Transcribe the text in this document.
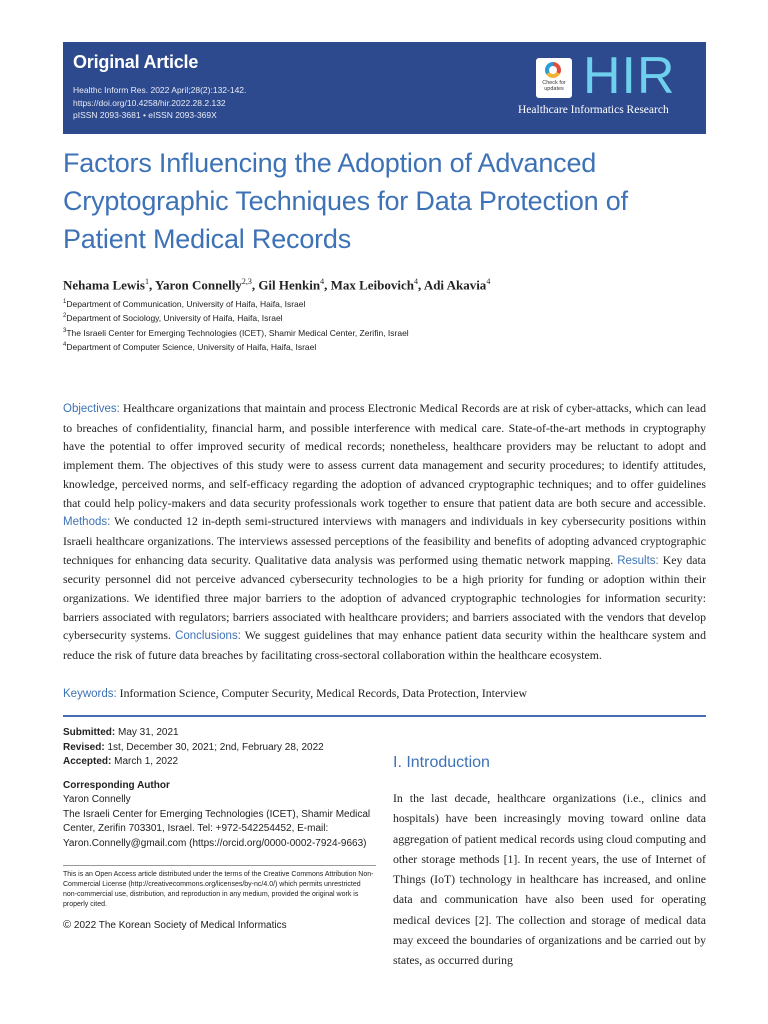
Original Article
Healthc Inform Res. 2022 April;28(2):132-142.
https://doi.org/10.4258/hir.2022.28.2.132
pISSN 2093-3681 • eISSN 2093-369X
Check for updates HIR
Healthcare Informatics Research
Factors Influencing the Adoption of Advanced Cryptographic Techniques for Data Protection of Patient Medical Records
Nehama Lewis$^1$, Yaron Connelly$^{2,3}$, Gil Henkin$^4$, Max Leibovich$^4$, Adi Akavia$^4$
$^1$Department of Communication, University of Haifa, Haifa, Israel
$^2$Department of Sociology, University of Haifa, Haifa, Israel
$^3$The Israeli Center for Emerging Technologies (ICET), Shamir Medical Center, Zerifin, Israel
$^4$Department of Computer Science, University of Haifa, Haifa, Israel
Objectives: Healthcare organizations that maintain and process Electronic Medical Records are at risk of cyber-attacks, which can lead to breaches of confidentiality, financial harm, and possible interference with medical care. State-of-the-art methods in cryptography have the potential to offer improved security of medical records; nonetheless, healthcare providers may be reluctant to adopt and implement them. The objectives of this study were to assess current data management and security procedures; to identify attitudes, knowledge, perceived norms, and self-efficacy regarding the adoption of advanced cryptographic techniques; and to offer guidelines that could help policy-makers and data security professionals work together to ensure that patient data are both secure and accessible. Methods: We conducted 12 in-depth semi-structured interviews with managers and individuals in key cybersecurity positions within Israeli healthcare organizations. The interviews assessed perceptions of the feasibility and benefits of adopting advanced cryptographic techniques for enhancing data security. Qualitative data analysis was performed using thematic network mapping. Results: Key data security personnel did not perceive advanced cybersecurity technologies to be a high priority for funding or adoption within their organizations. We identified three major barriers to the adoption of advanced cryptographic technologies for information security: barriers associated with regulators; barriers associated with healthcare providers; and barriers associated with the vendors that develop cybersecurity systems. Conclusions: We suggest guidelines that may enhance patient data security within the healthcare system and reduce the risk of future data breaches by facilitating cross-sectoral collaboration within the healthcare ecosystem.
Keywords: Information Science, Computer Security, Medical Records, Data Protection, Interview
Submitted: May 31, 2021
Revised: 1st, December 30, 2021; 2nd, February 28, 2022
Accepted: March 1, 2022
Corresponding Author
Yaron Connelly
The Israeli Center for Emerging Technologies (ICET), Shamir Medical Center, Zerifin 703301, Israel. Tel: +972-542254452, E-mail: Yaron.Connelly@gmail.com (https://orcid.org/0000-0002-7924-9663)
This is an Open Access article distributed under the terms of the Creative Commons Attribution Non-Commercial License (http://creativecommons.org/licenses/by-nc/4.0/) which permits unrestricted non-commercial use, distribution, and reproduction in any medium, provided the original work is properly cited.
© 2022 The Korean Society of Medical Informatics
I. Introduction
In the last decade, healthcare organizations (i.e., clinics and hospitals) have been increasingly moving toward online data aggregation of patient medical records using cloud computing and other storage methods [1]. In recent years, the use of Internet of Things (IoT) technology in healthcare has increased, and online data and communication have also been used for operating medical devices [2]. The collection and storage of medical data may exceed the boundaries of organizations and be carried out by states, as occurred during
